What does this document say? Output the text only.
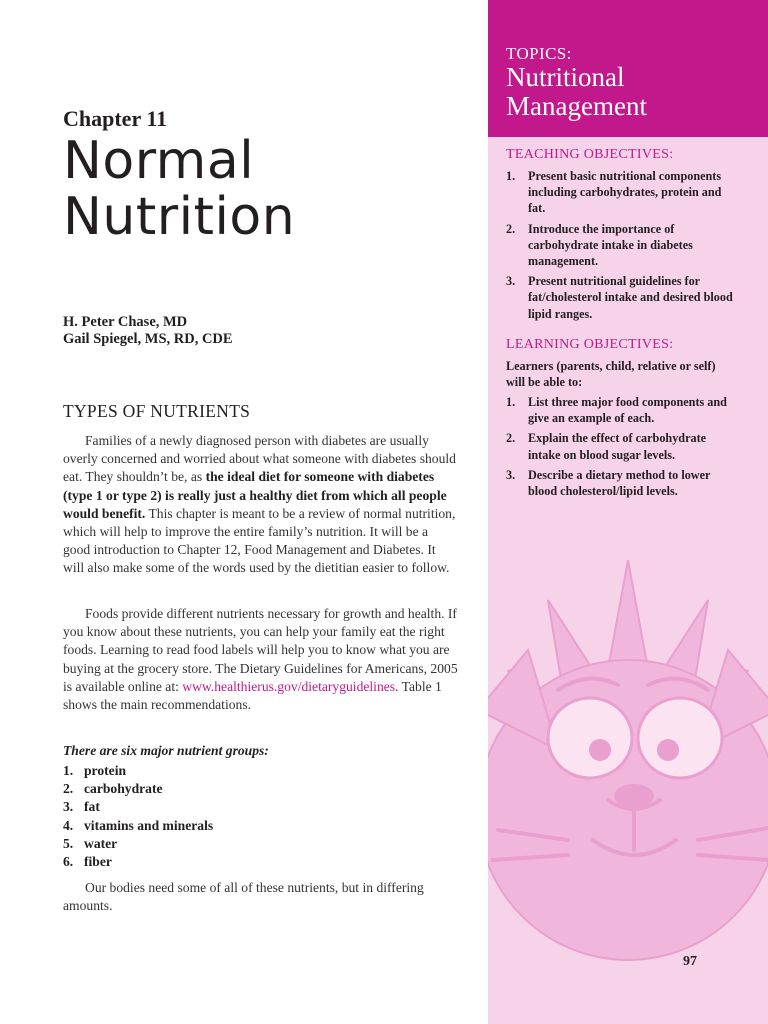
Chapter 11
Normal
Nutrition
H. Peter Chase, MD
Gail Spiegel, MS, RD, CDE
TYPES OF NUTRIENTS

Families of a newly diagnosed person with diabetes are usually overly concerned and worried about what someone with diabetes should eat. They shouldn’t be, as the ideal diet for someone with diabetes (type 1 or type 2) is really just a healthy diet from which all people would benefit. This chapter is meant to be a review of normal nutrition, which will help to improve the entire family’s nutrition. It will be a good introduction to Chapter 12, Food Management and Diabetes. It will also make some of the words used by the dietitian easier to follow.

Foods provide different nutrients necessary for growth and health. If you know about these nutrients, you can help your family eat the right foods. Learning to read food labels will help you to know what you are buying at the grocery store. The Dietary Guidelines for Americans, 2005 is available online at: www.healthierus.gov/dietaryguidelines. Table 1 shows the main recommendations.

There are six major nutrient groups:
1. protein
2. carbohydrate
3. fat
4. vitamins and minerals
5. water
6. fiber

Our bodies need some of all of these nutrients, but in differing amounts.

TOPICS:
Nutritional
Management
TEACHING OBJECTIVES:
1. Present basic nutritional components including carbohydrates, protein and fat.
2. Introduce the importance of carbohydrate intake in diabetes management.
3. Present nutritional guidelines for fat/cholesterol intake and desired blood lipid ranges.
LEARNING OBJECTIVES:
Learners (parents, child, relative or self) will be able to:
1. List three major food components and give an example of each.
2. Explain the effect of carbohydrate intake on blood sugar levels.
3. Describe a dietary method to lower blood cholesterol/lipid levels.
97
